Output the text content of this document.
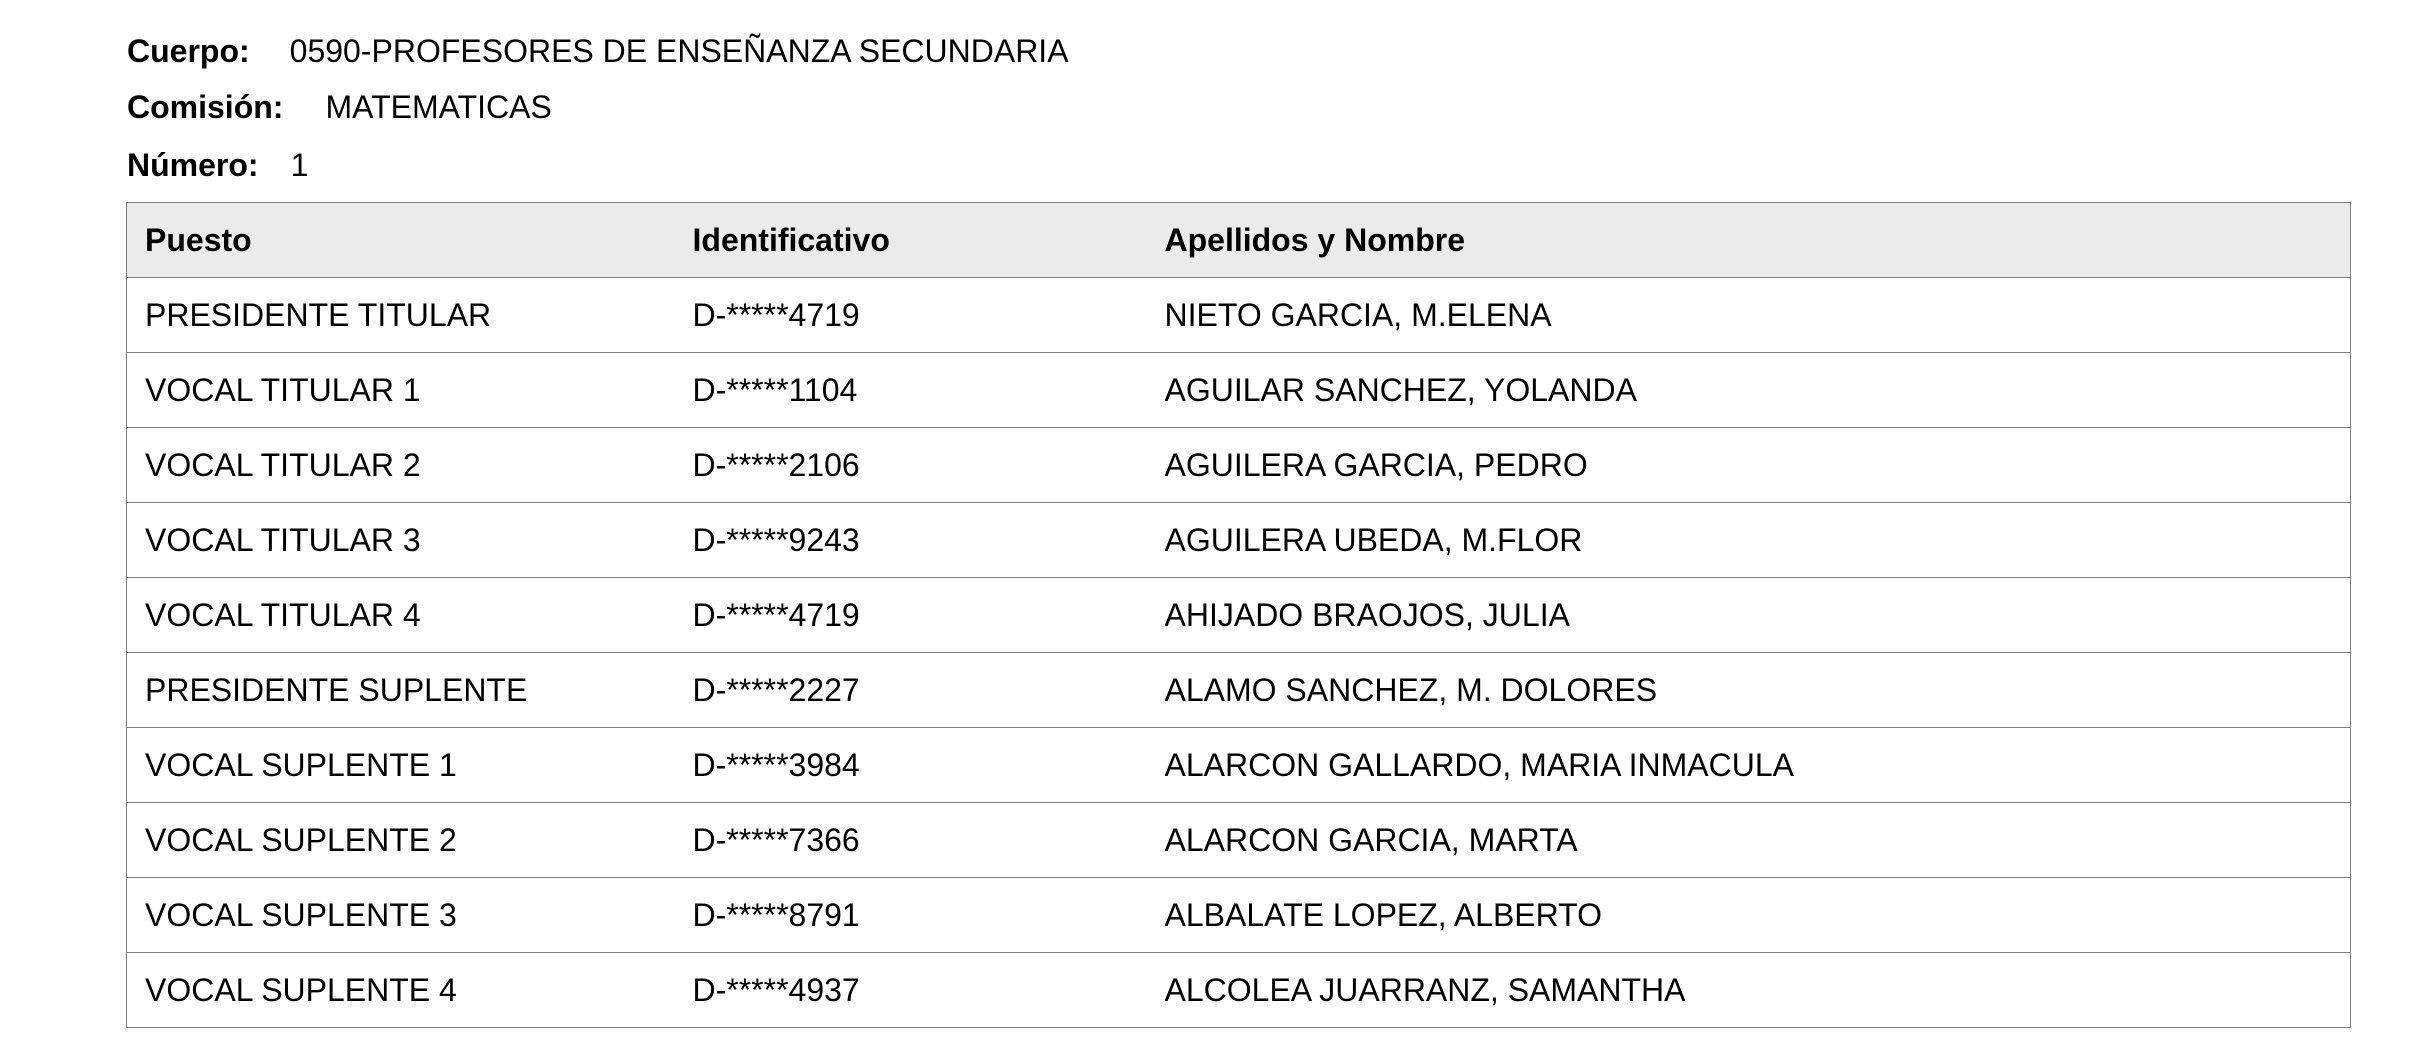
Cuerpo: 0590-PROFESORES DE ENSEÑANZA SECUNDARIA
Comisión: MATEMATICAS
Número: 1
Puesto	Identificativo	Apellidos y Nombre
PRESIDENTE TITULAR	D-*****4719	NIETO GARCIA, M.ELENA
VOCAL TITULAR 1	D-*****1104	AGUILAR SANCHEZ, YOLANDA
VOCAL TITULAR 2	D-*****2106	AGUILERA GARCIA, PEDRO
VOCAL TITULAR 3	D-*****9243	AGUILERA UBEDA, M.FLOR
VOCAL TITULAR 4	D-*****4719	AHIJADO BRAOJOS, JULIA
PRESIDENTE SUPLENTE	D-*****2227	ALAMO SANCHEZ, M. DOLORES
VOCAL SUPLENTE 1	D-*****3984	ALARCON GALLARDO, MARIA INMACULA
VOCAL SUPLENTE 2	D-*****7366	ALARCON GARCIA, MARTA
VOCAL SUPLENTE 3	D-*****8791	ALBALATE LOPEZ, ALBERTO
VOCAL SUPLENTE 4	D-*****4937	ALCOLEA JUARRANZ, SAMANTHA
